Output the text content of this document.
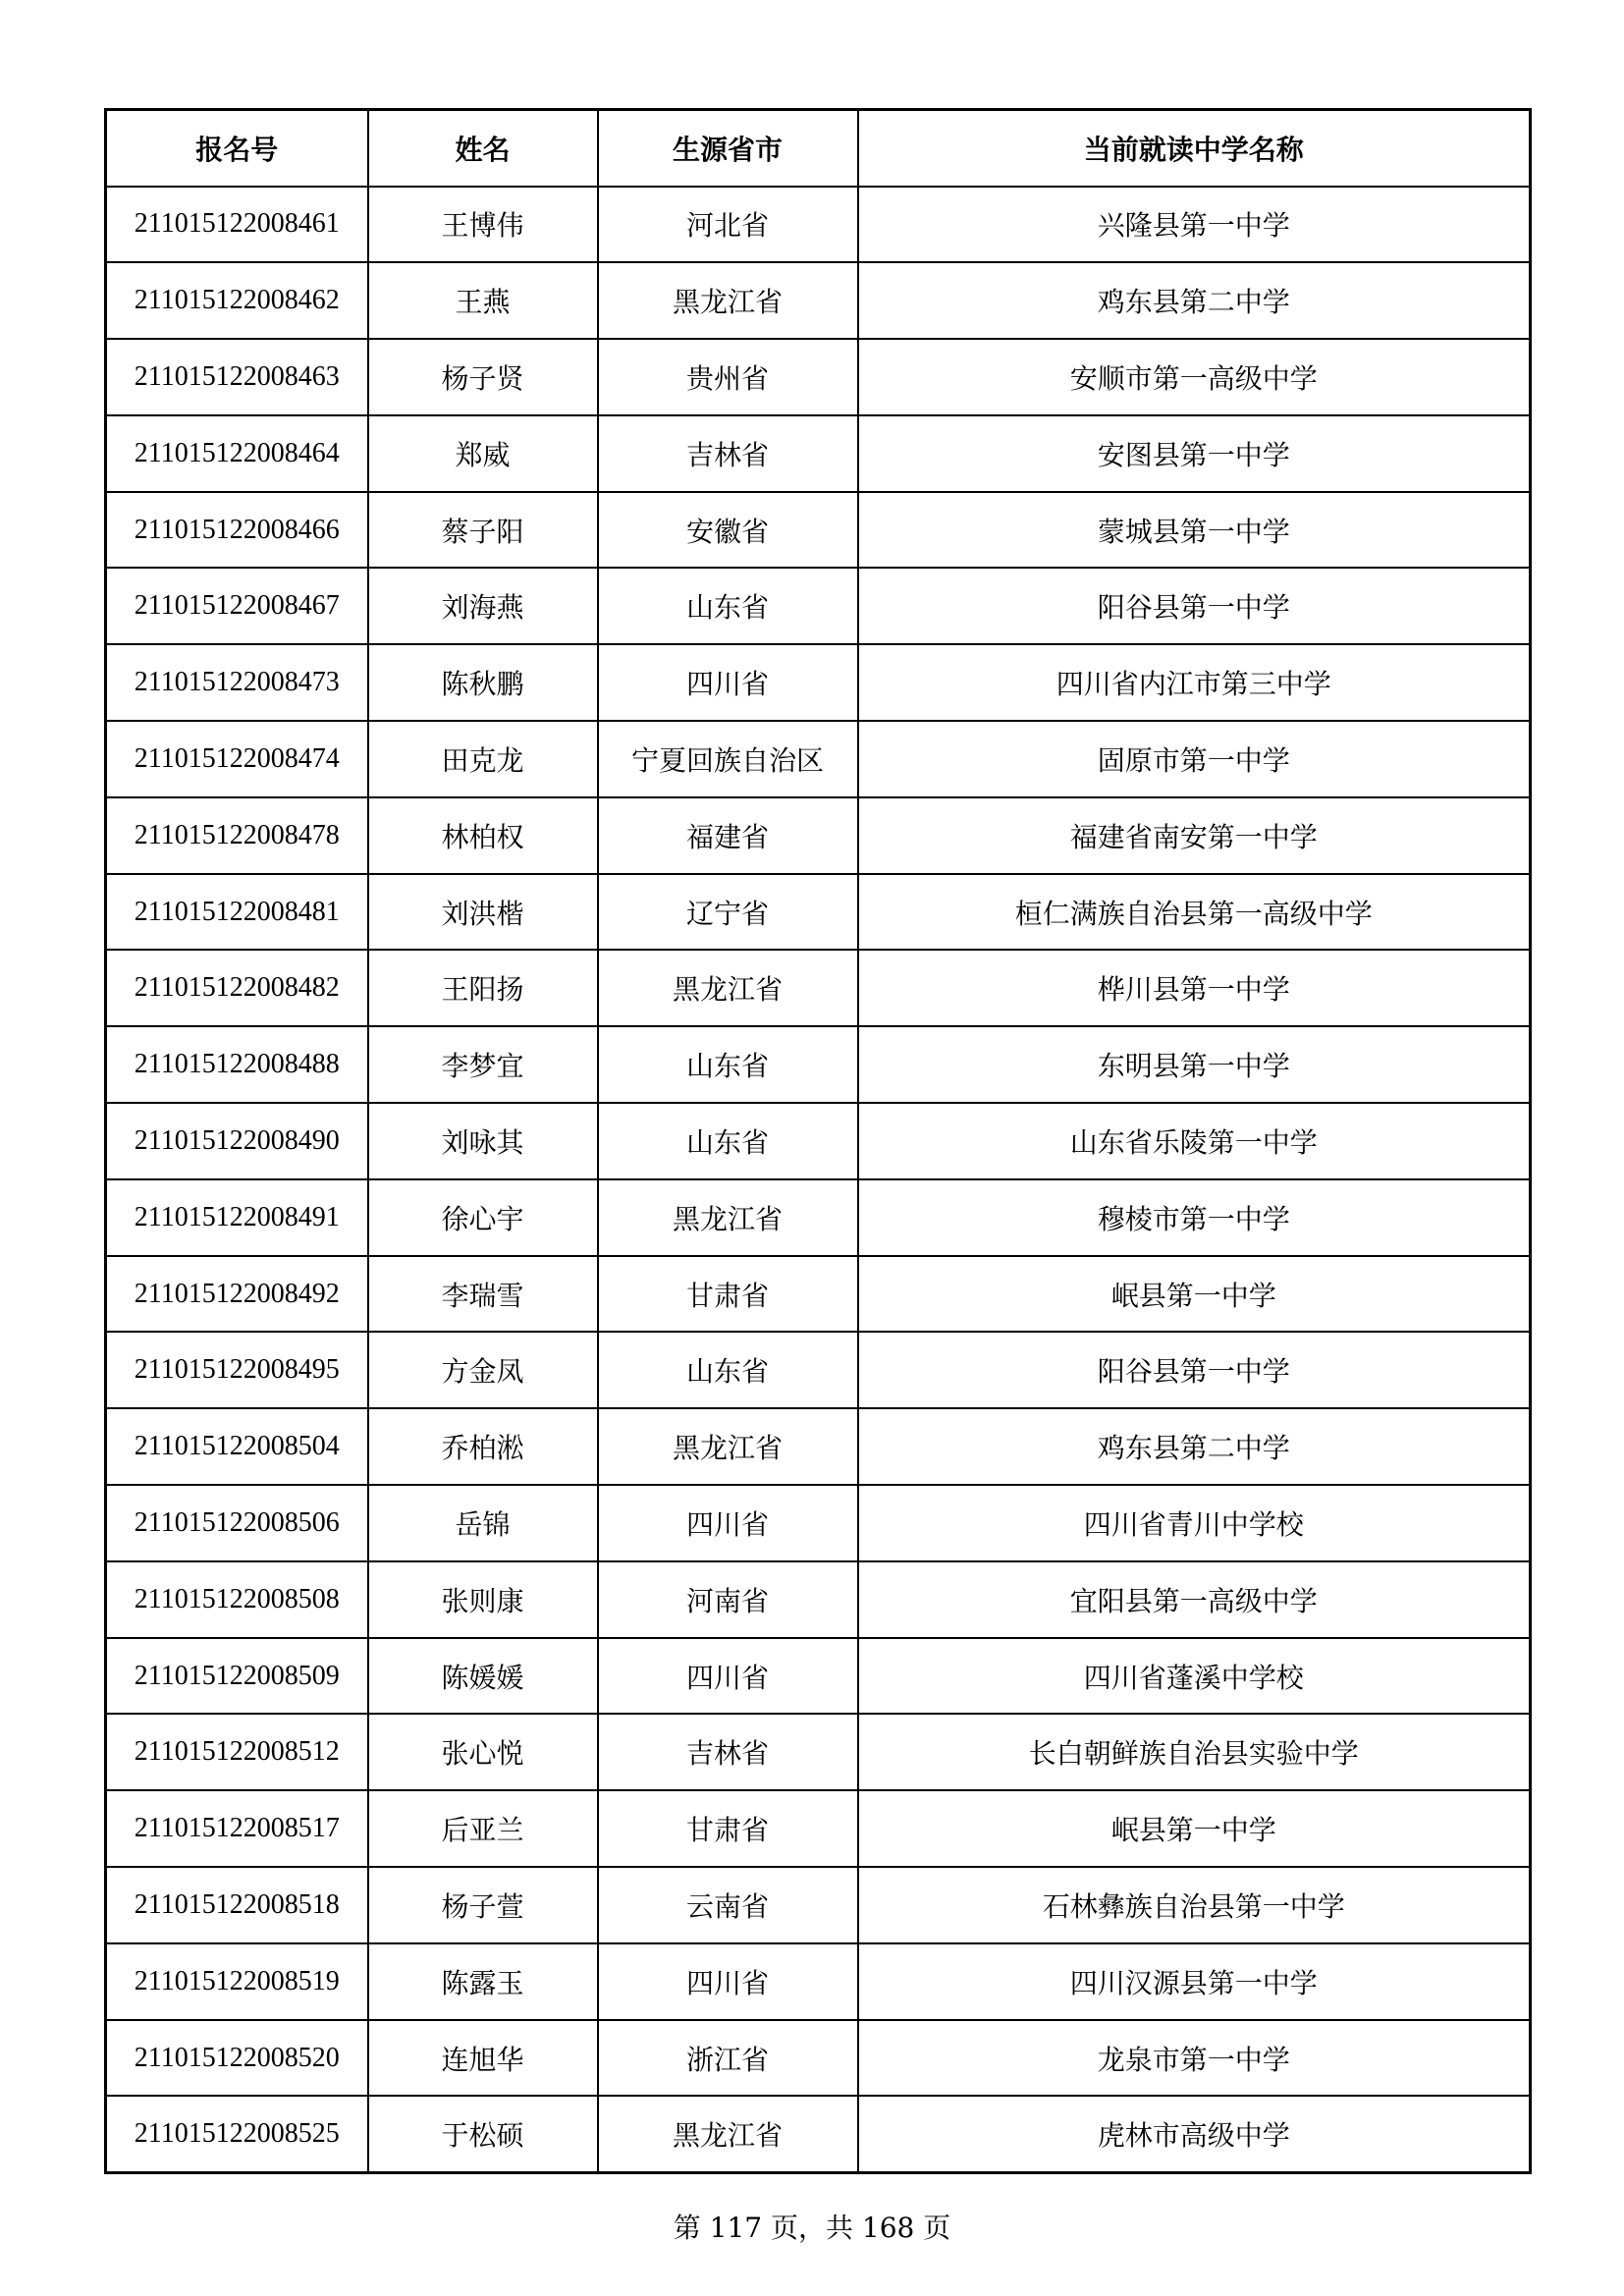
报名号	姓名	生源省市	当前就读中学名称
211015122008461	王博伟	河北省	兴隆县第一中学
211015122008462	王燕	黑龙江省	鸡东县第二中学
211015122008463	杨子贤	贵州省	安顺市第一高级中学
211015122008464	郑威	吉林省	安图县第一中学
211015122008466	蔡子阳	安徽省	蒙城县第一中学
211015122008467	刘海燕	山东省	阳谷县第一中学
211015122008473	陈秋鹏	四川省	四川省内江市第三中学
211015122008474	田克龙	宁夏回族自治区	固原市第一中学
211015122008478	林柏权	福建省	福建省南安第一中学
211015122008481	刘洪楷	辽宁省	桓仁满族自治县第一高级中学
211015122008482	王阳扬	黑龙江省	桦川县第一中学
211015122008488	李梦宜	山东省	东明县第一中学
211015122008490	刘咏其	山东省	山东省乐陵第一中学
211015122008491	徐心宇	黑龙江省	穆棱市第一中学
211015122008492	李瑞雪	甘肃省	岷县第一中学
211015122008495	方金凤	山东省	阳谷县第一中学
211015122008504	乔柏淞	黑龙江省	鸡东县第二中学
211015122008506	岳锦	四川省	四川省青川中学校
211015122008508	张则康	河南省	宜阳县第一高级中学
211015122008509	陈媛媛	四川省	四川省蓬溪中学校
211015122008512	张心悦	吉林省	长白朝鲜族自治县实验中学
211015122008517	后亚兰	甘肃省	岷县第一中学
211015122008518	杨子萱	云南省	石林彝族自治县第一中学
211015122008519	陈露玉	四川省	四川汉源县第一中学
211015122008520	连旭华	浙江省	龙泉市第一中学
211015122008525	于松硕	黑龙江省	虎林市高级中学
第 117 页，共 168 页
